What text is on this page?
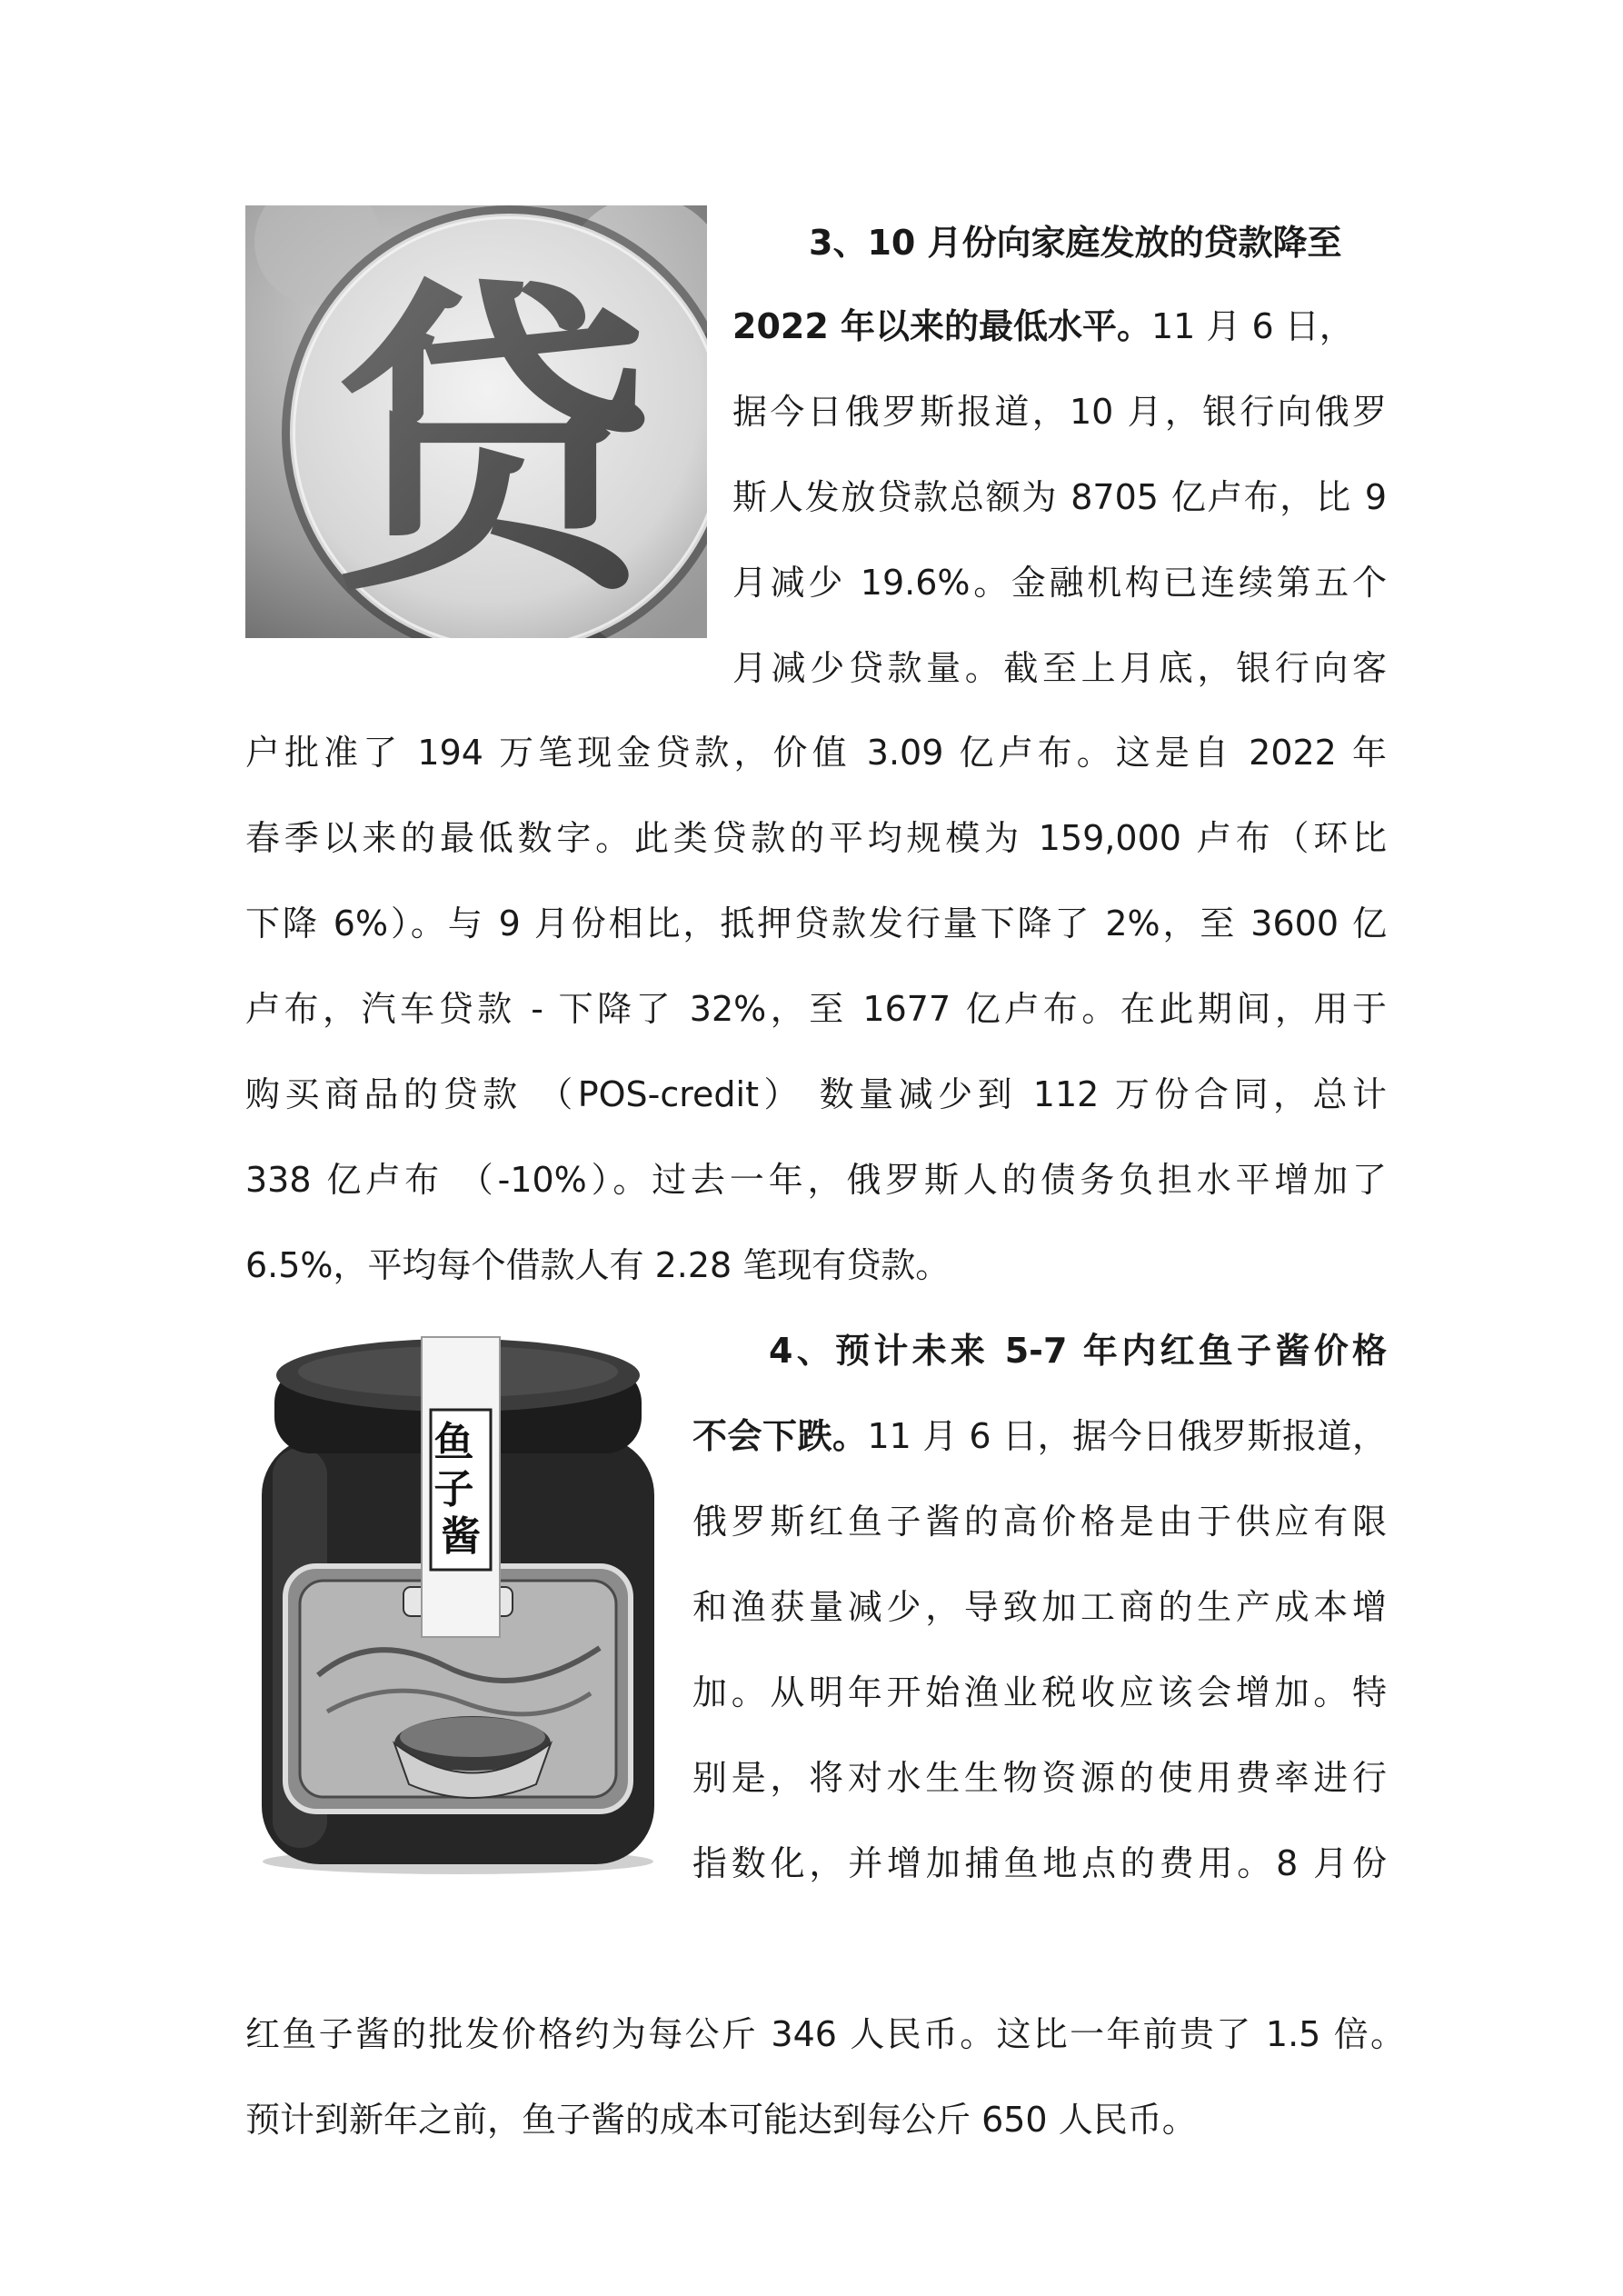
贷
鱼 子 酱
3、10 月份向家庭发放的贷款降至
2022 年以来的最低水平。11 月 6 日，
据今日俄罗斯报道，10 月，银行向俄罗
斯人发放贷款总额为 8705 亿卢布，比 9
月减少 19.6%。金融机构已连续第五个
月减少贷款量。截至上月底，银行向客
户批准了 194 万笔现金贷款，价值 3.09 亿卢布。这是自 2022 年
春季以来的最低数字。此类贷款的平均规模为 159,000 卢布（环比
下降 6%）。与 9 月份相比，抵押贷款发行量下降了 2%，至 3600 亿
卢布，汽车贷款 - 下降了 32%，至 1677 亿卢布。在此期间，用于
购买商品的贷款 （POS-credit） 数量减少到 112 万份合同，总计
338 亿卢布 （-10%）。过去一年，俄罗斯人的债务负担水平增加了
6.5%，平均每个借款人有 2.28 笔现有贷款。
4、预计未来 5-7 年内红鱼子酱价格
不会下跌。11 月 6 日，据今日俄罗斯报道，
俄罗斯红鱼子酱的高价格是由于供应有限
和渔获量减少，导致加工商的生产成本增
加。从明年开始渔业税收应该会增加。特
别是，将对水生生物资源的使用费率进行
指数化，并增加捕鱼地点的费用。8 月份
红鱼子酱的批发价格约为每公斤 346 人民币。这比一年前贵了 1.5 倍。
预计到新年之前，鱼子酱的成本可能达到每公斤 650 人民币。
